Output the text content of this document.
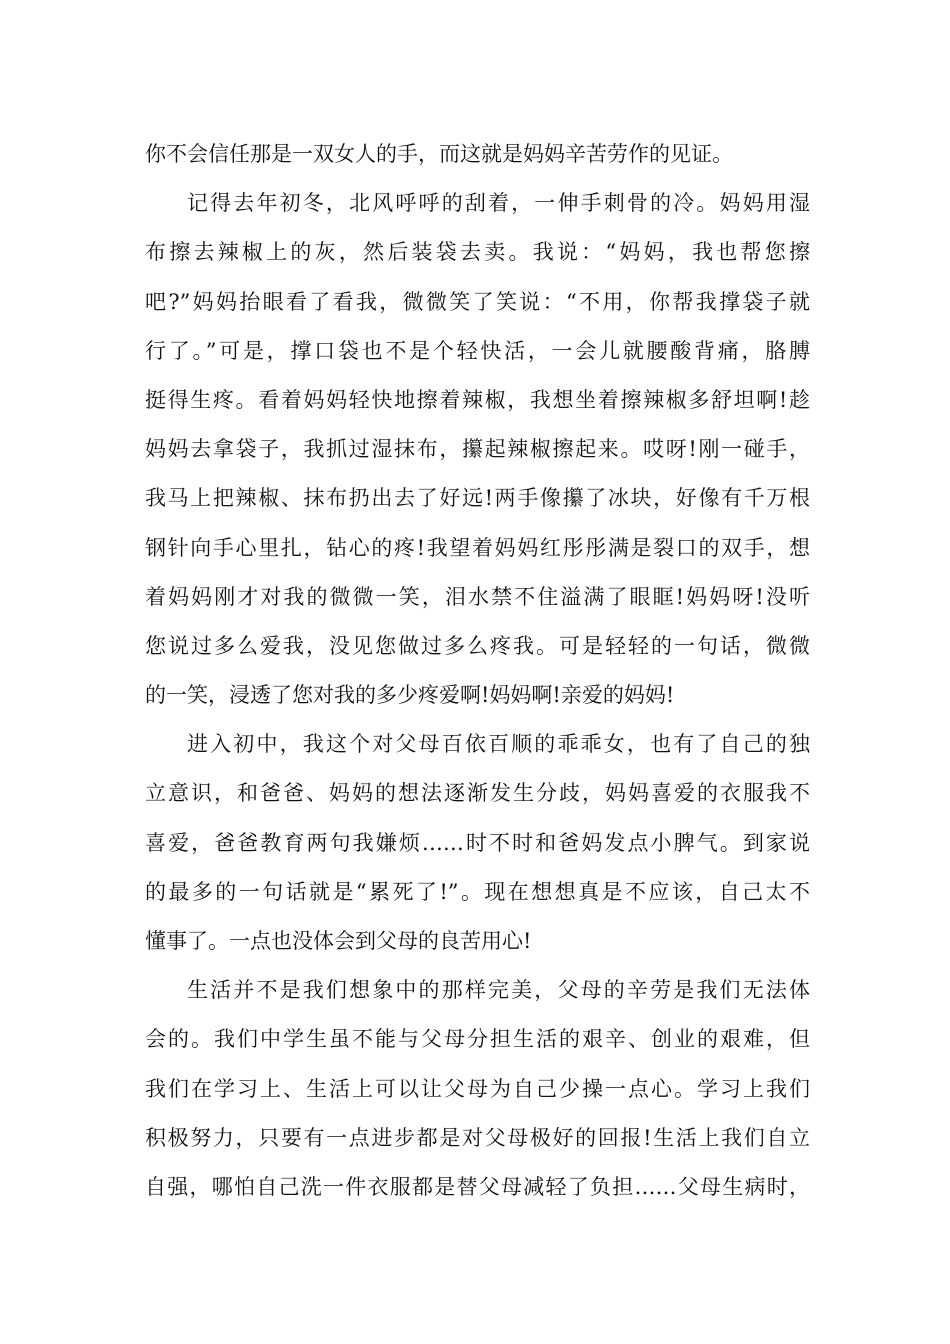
你不会信任那是一双女人的手，而这就是妈妈辛苦劳作的见证。
记得去年初冬，北风呼呼的刮着，一伸手刺骨的冷。妈妈用湿
布擦去辣椒上的灰，然后装袋去卖。我说：“妈妈，我也帮您擦
吧?”妈妈抬眼看了看我，微微笑了笑说：“不用，你帮我撑袋子就
行了。”可是，撑口袋也不是个轻快活，一会儿就腰酸背痛，胳膊
挺得生疼。看着妈妈轻快地擦着辣椒，我想坐着擦辣椒多舒坦啊!趁
妈妈去拿袋子，我抓过湿抹布，攥起辣椒擦起来。哎呀!刚一碰手，
我马上把辣椒、抹布扔出去了好远!两手像攥了冰块，好像有千万根
钢针向手心里扎，钻心的疼!我望着妈妈红彤彤满是裂口的双手，想
着妈妈刚才对我的微微一笑，泪水禁不住溢满了眼眶!妈妈呀!没听
您说过多么爱我，没见您做过多么疼我。可是轻轻的一句话，微微
的一笑，浸透了您对我的多少疼爱啊!妈妈啊!亲爱的妈妈!
进入初中，我这个对父母百依百顺的乖乖女，也有了自己的独
立意识，和爸爸、妈妈的想法逐渐发生分歧，妈妈喜爱的衣服我不
喜爱，爸爸教育两句我嫌烦……时不时和爸妈发点小脾气。到家说
的最多的一句话就是“累死了!”。现在想想真是不应该，自己太不
懂事了。一点也没体会到父母的良苦用心!
生活并不是我们想象中的那样完美，父母的辛劳是我们无法体
会的。我们中学生虽不能与父母分担生活的艰辛、创业的艰难，但
我们在学习上、生活上可以让父母为自己少操一点心。学习上我们
积极努力，只要有一点进步都是对父母极好的回报!生活上我们自立
自强，哪怕自己洗一件衣服都是替父母减轻了负担……父母生病时，
